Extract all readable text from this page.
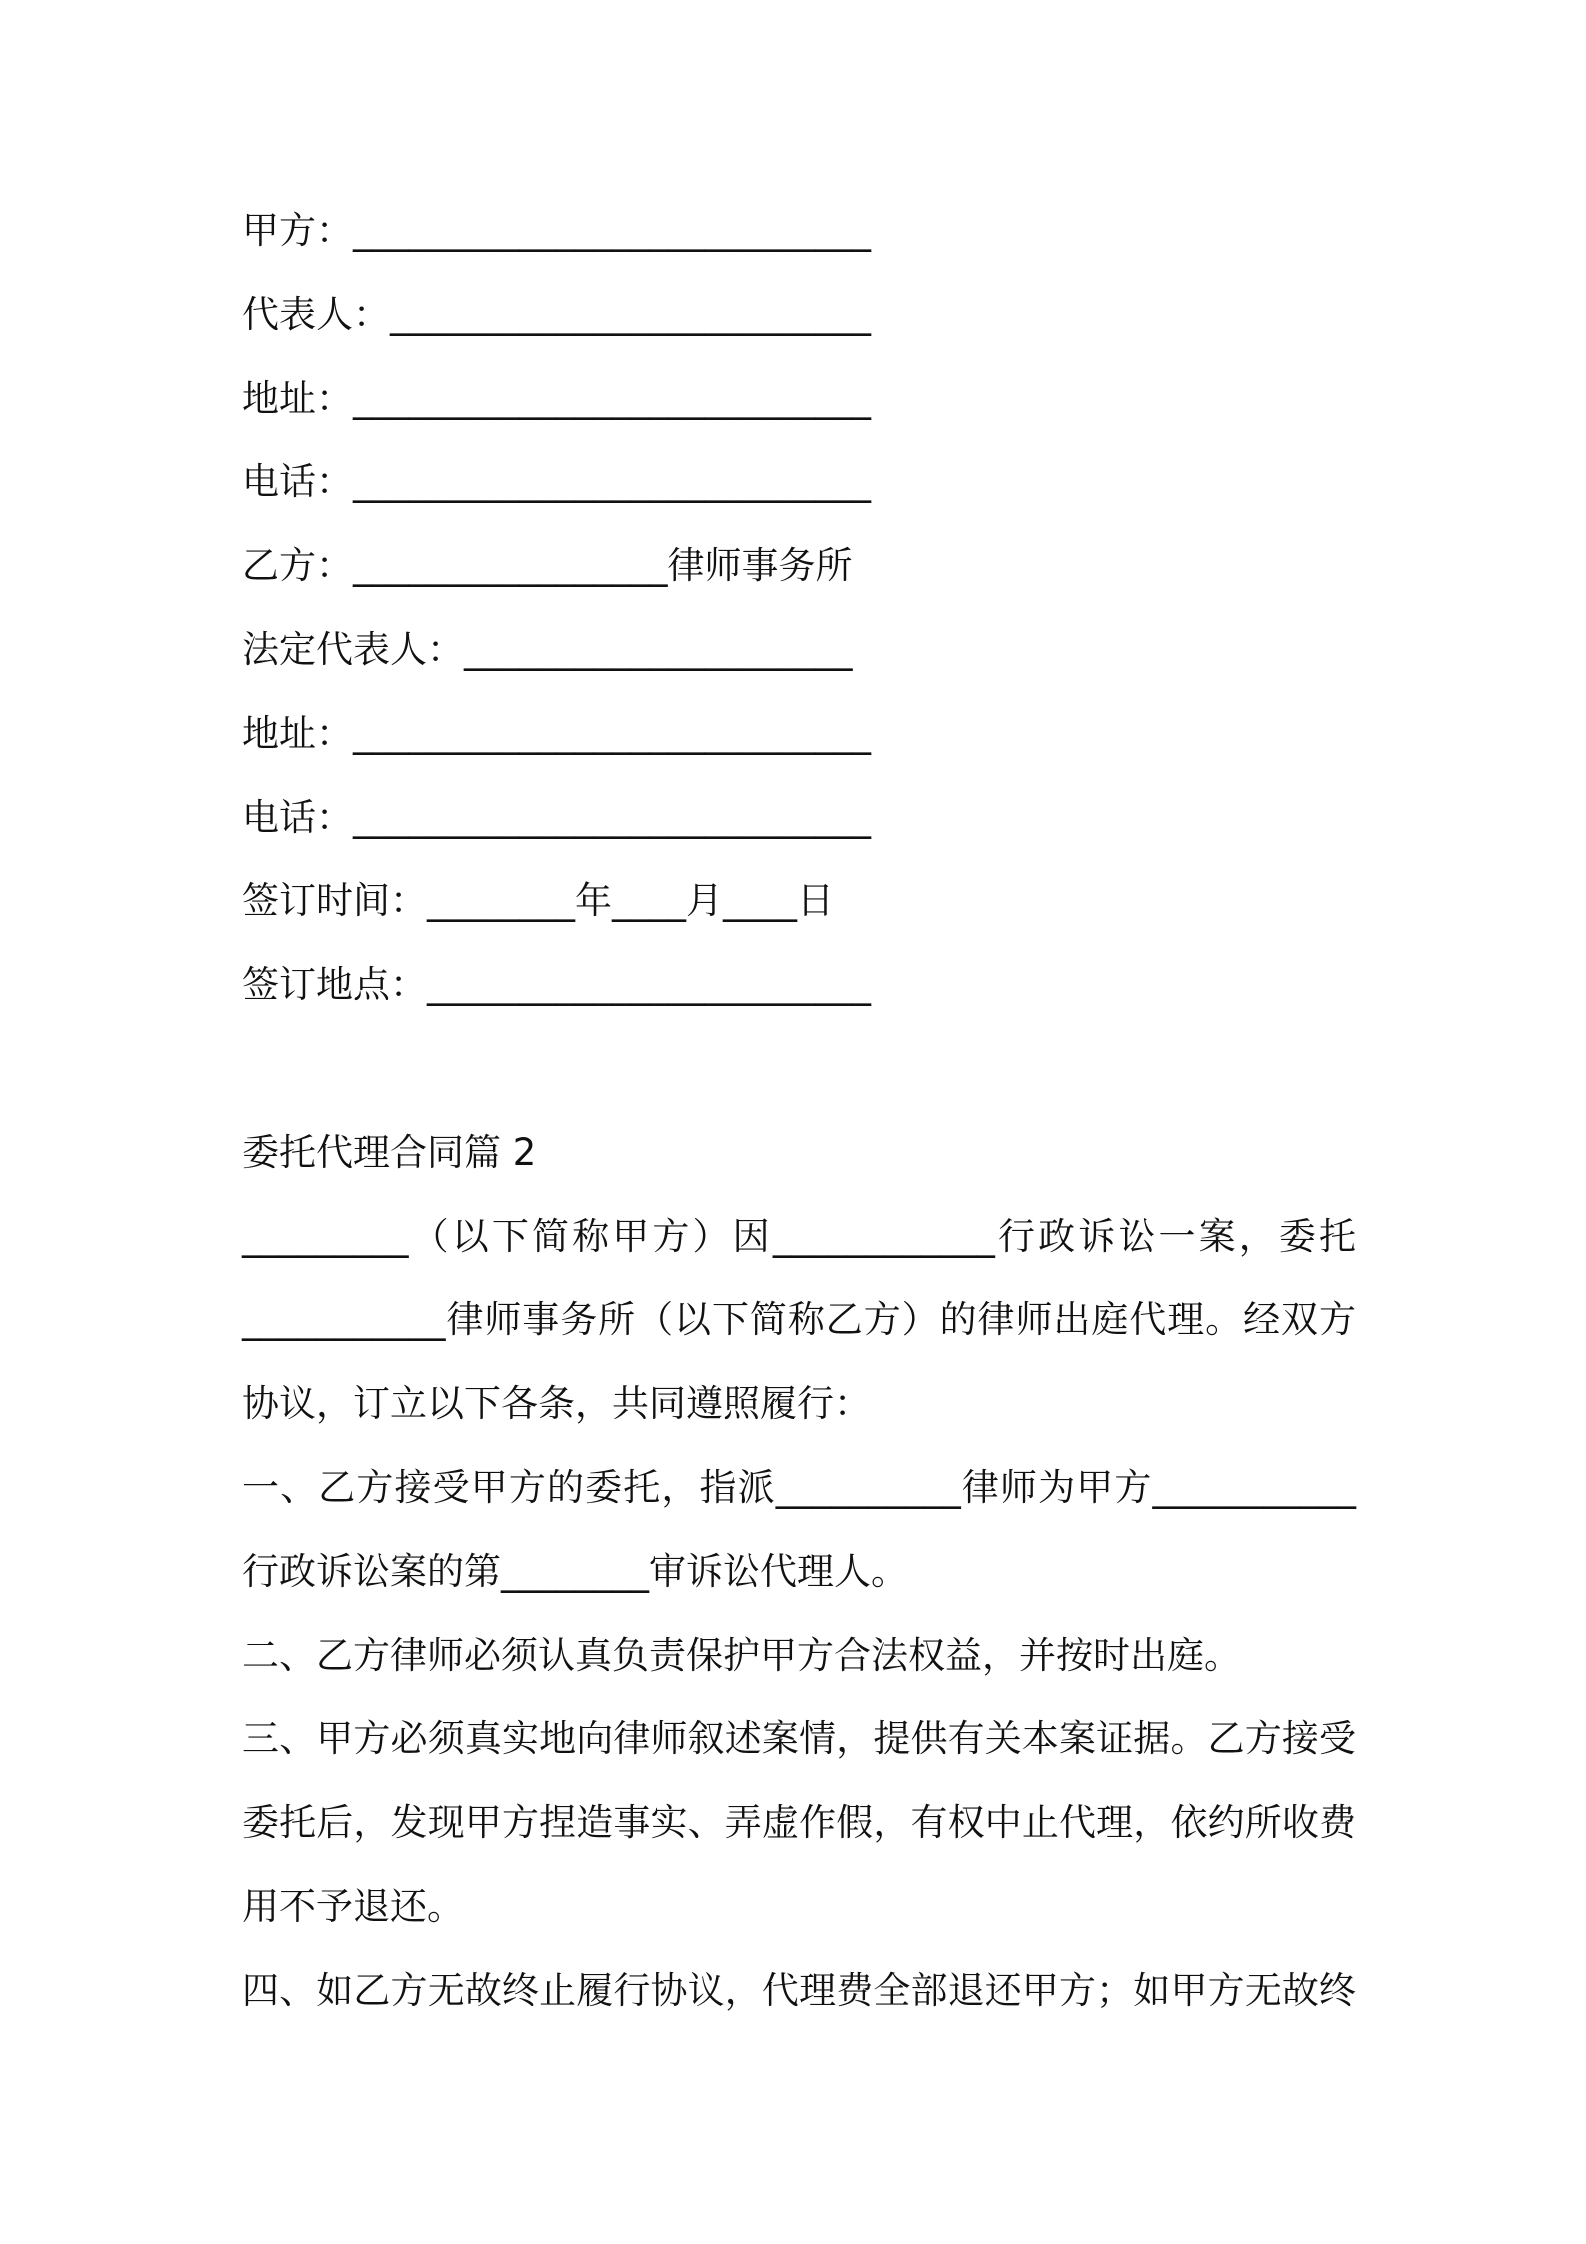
甲方：____________________________
代表人：__________________________
地址：____________________________
电话：____________________________
乙方：_________________律师事务所
法定代表人：_____________________
地址：____________________________
电话：____________________________
签订时间：________年____月____日
签订地点：________________________
委托代理合同篇 2
_________（以下简称甲方）因____________行政诉讼一案，委托
___________律师事务所（以下简称乙方）的律师出庭代理。经双方
协议，订立以下各条，共同遵照履行：
一、乙方接受甲方的委托，指派__________律师为甲方___________
行政诉讼案的第________审诉讼代理人。
二、乙方律师必须认真负责保护甲方合法权益，并按时出庭。
三、甲方必须真实地向律师叙述案情，提供有关本案证据。乙方接受
委托后，发现甲方捏造事实、弄虚作假，有权中止代理，依约所收费
用不予退还。
四、如乙方无故终止履行协议，代理费全部退还甲方；如甲方无故终
